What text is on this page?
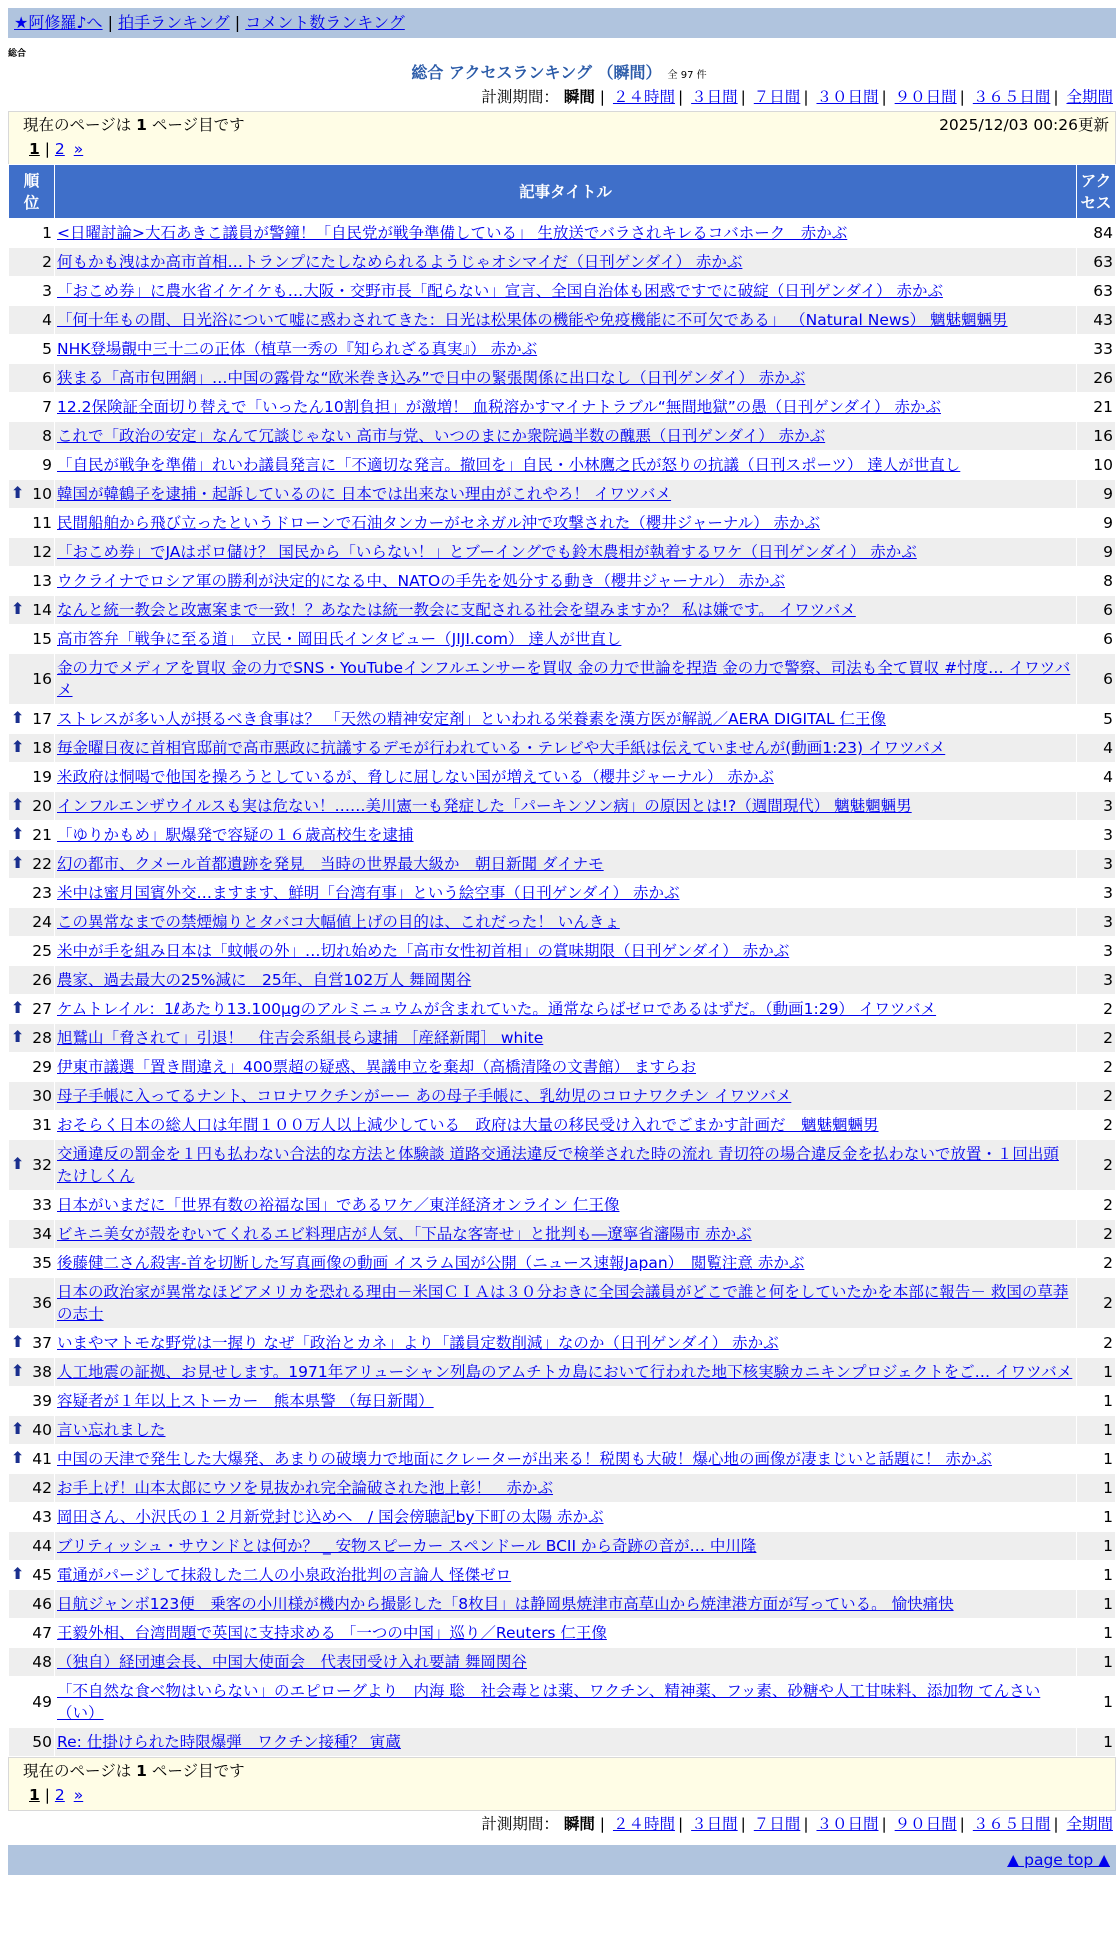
★阿修羅♪へ | 拍手ランキング | コメント数ランキング
総合
総合 アクセスランキング （瞬間） 全 97 件
計測期間： 瞬間 | ２４時間 | ３日間 | ７日間 | ３０日間 | ９０日間 | ３６５日間 | 全期間
現在のページは 1 ページ目です	2025/12/03 00:26更新
1 | 2 »
順位	記事タイトル	アクセス
1	<日曜討論>大石あきこ議員が警鐘！「自民党が戦争準備している」 生放送でバラされキレるコバホーク　赤かぶ	84
2	何もかも洩はか高市首相…トランプにたしなめられるようじゃオシマイだ（日刊ゲンダイ） 赤かぶ	63
3	「おこめ券」に農水省イケイケも…大阪・交野市長「配らない」宣言、全国自治体も困惑ですでに破綻（日刊ゲンダイ） 赤かぶ	63
4	「何十年もの間、日光浴について嘘に惑わされてきた：日光は松果体の機能や免疫機能に不可欠である」 （Natural News） 魑魅魍魎男	43
5	NHK登場覿中三十二の正体（植草一秀の『知られざる真実』） 赤かぶ	33
6	狭まる「高市包囲網」…中国の露骨な“欧米巻き込み”で日中の緊張関係に出口なし（日刊ゲンダイ） 赤かぶ	26
7	12.2保険証全面切り替えで「いったん10割負担」が激増！ 血税溶かすマイナトラブル“無間地獄”の愚（日刊ゲンダイ） 赤かぶ	21
8	これで「政治の安定」なんて冗談じゃない 高市与党、いつのまにか衆院過半数の醜悪（日刊ゲンダイ） 赤かぶ	16
9	「自民が戦争を準備」れいわ議員発言に「不適切な発言。撤回を」自民・小林鷹之氏が怒りの抗議（日刊スポーツ） 達人が世直し	10

⬆ 10	韓国が韓鶴子を逮捕・起訴しているのに 日本では出来ない理由がこれやろ！ イワツバメ	9
11	民間船舶から飛び立ったというドローンで石油タンカーがセネガル沖で攻撃された（櫻井ジャーナル） 赤かぶ	9
12	「おこめ券」でJAはボロ儲け？ 国民から「いらない！」とブーイングでも鈴木農相が執着するワケ（日刊ゲンダイ） 赤かぶ	9
13	ウクライナでロシア軍の勝利が決定的になる中、NATOの手先を処分する動き（櫻井ジャーナル） 赤かぶ	8

⬆ 14	なんと統一教会と改憲案まで一致！？あなたは統一教会に支配される社会を望みますか？ 私は嫌です。 イワツバメ	6
15	高市答弁「戦争に至る道」　立民・岡田氏インタビュー（JIJI.com） 達人が世直し	6
16	金の力でメディアを買収 金の力でSNS・YouTubeインフルエンサーを買収 金の力で世論を捏造 金の力で警察、司法も全て買収 #忖度… イワツバメ	6

⬆ 17	ストレスが多い人が摂るべき食事は？ 「天然の精神安定剤」といわれる栄養素を漢方医が解説／AERA DIGITAL 仁王像	5

⬆ 18	毎金曜日夜に首相官邸前で高市悪政に抗議するデモが行われている・テレビや大手紙は伝えていませんが(動画1:23) イワツバメ	4
19	米政府は恫喝で他国を操ろうとしているが、脅しに屈しない国が増えている（櫻井ジャーナル） 赤かぶ	4

⬆ 20	インフルエンザウイルスも実は危ない！……美川憲一も発症した「パーキンソン病」の原因とは!?（週間現代） 魑魅魍魎男	3

⬆ 21	「ゆりかもめ」駅爆発で容疑の１６歳高校生を逮捕	3

⬆ 22	幻の都市、クメール首都遺跡を発見　当時の世界最大級か　朝日新聞 ダイナモ	3
23	米中は蜜月国賓外交…ますます、鮮明「台湾有事」という絵空事（日刊ゲンダイ） 赤かぶ	3
24	この異常なまでの禁煙煽りとタバコ大幅値上げの目的は、これだった！ いんきょ	3
25	米中が手を組み日本は「蚊帳の外」…切れ始めた「高市女性初首相」の賞味期限（日刊ゲンダイ） 赤かぶ	3
26	農家、過去最大の25%減に　25年、自営102万人 舞岡関谷	3

⬆ 27	ケムトレイル：1ℓあたり13.100μgのアルミニュウムが含まれていた。通常ならばゼロであるはずだ。（動画1:29） イワツバメ	2

⬆ 28	旭鷲山「脅されて」引退！　住吉会系組長ら逮捕 ［産経新聞］ white	2
29	伊東市議選「置き間違え」400票超の疑惑、異議申立を棄却（高橋清隆の文書館） ますらお	2
30	母子手帳に入ってるナント、コロナワクチンがーー あの母子手帳に、乳幼児のコロナワクチン イワツバメ	2
31	おそらく日本の総人口は年間１００万人以上減少している　政府は大量の移民受け入れでごまかす計画だ　魑魅魍魎男	2

⬆ 32	交通違反の罰金を１円も払わない合法的な方法と体験談 道路交通法違反で検挙された時の流れ 青切符の場合違反金を払わないで放置・１回出頭 たけしくん	2
33	日本がいまだに「世界有数の裕福な国」であるワケ／東洋経済オンライン 仁王像	2
34	ビキニ美女が殻をむいてくれるエビ料理店が人気、「下品な客寄せ」と批判も―遼寧省瀋陽市 赤かぶ	2
35	後藤健二さん殺害-首を切断した写真画像の動画 イスラム国が公開（ニュース速報Japan）　閲覧注意 赤かぶ	2
36	日本の政治家が異常なほどアメリカを恐れる理由－米国ＣＩＡは３０分おきに全国会議員がどこで誰と何をしていたかを本部に報告－ 救国の草莽の志士	2

⬆ 37	いまやマトモな野党は一握り なぜ「政治とカネ」より「議員定数削減」なのか（日刊ゲンダイ） 赤かぶ	2

⬆ 38	人工地震の証拠、お見せします。1971年アリューシャン列島のアムチトカ島において行われた地下核実験カニキンプロジェクトをご… イワツバメ	1
39	容疑者が１年以上ストーカー　熊本県警 （毎日新聞）	1

⬆ 40	言い忘れました	1

⬆ 41	中国の天津で発生した大爆発、あまりの破壊力で地面にクレーターが出来る！税関も大破！爆心地の画像が凄まじいと話題に！ 赤かぶ	1
42	お手上げ！山本太郎にウソを見抜かれ完全論破された池上彰！　赤かぶ	1
43	岡田さん、小沢氏の１２月新党封じ込めへ　/ 国会傍聴記by下町の太陽 赤かぶ	1
44	ブリティッシュ・サウンドとは何か？ _ 安物スピーカー スペンドール BCII から奇跡の音が… 中川隆	1

⬆ 45	電通がパージして抹殺した二人の小泉政治批判の言論人 怪傑ゼロ	1
46	日航ジャンボ123便　乗客の小川様が機内から撮影した「8枚目」は静岡県焼津市高草山から焼津港方面が写っている。 愉快痛快	1
47	王毅外相、台湾問題で英国に支持求める 「一つの中国」巡り／Reuters 仁王像	1
48	（独自）経団連会長、中国大使面会　代表団受け入れ要請 舞岡関谷	1
49	「不自然な食べ物はいらない」のエピローグより　内海 聡　社会毒とは薬、ワクチン、精神薬、フッ素、砂糖や人工甘味料、添加物 てんさい（い）	1
50	Re: 仕掛けられた時限爆弾　ワクチン接種？ 寅蔵	1
計測期間： 瞬間 | ２４時間 | ３日間 | ７日間 | ３０日間 | ９０日間 | ３６５日間 | 全期間
現在のページは 1 ページ目です
1 | 2 »
▲ page top ▲
